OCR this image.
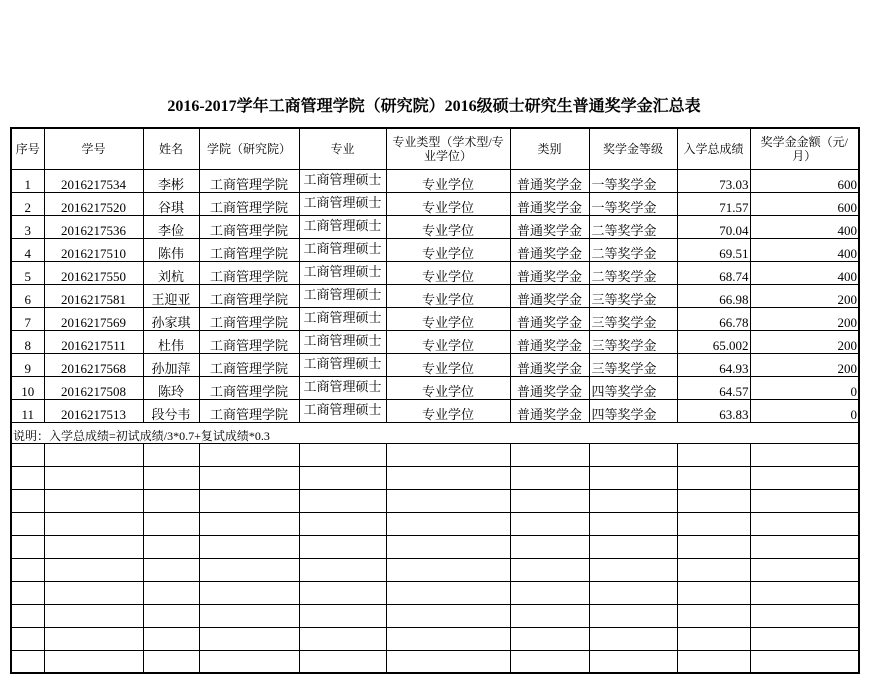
2016-2017学年工商管理学院（研究院）2016级硕士研究生普通奖学金汇总表
序号	学号	姓名	学院（研究院）	专业	专业类型（学术型/专业学位）	类别	奖学金等级	入学总成绩	奖学金金额（元/月）
1	2016217534	李彬	工商管理学院	工商管理硕士	专业学位	普通奖学金	一等奖学金	73.03	600
2	2016217520	谷琪	工商管理学院	工商管理硕士	专业学位	普通奖学金	一等奖学金	71.57	600
3	2016217536	李俭	工商管理学院	工商管理硕士	专业学位	普通奖学金	二等奖学金	70.04	400
4	2016217510	陈伟	工商管理学院	工商管理硕士	专业学位	普通奖学金	二等奖学金	69.51	400
5	2016217550	刘杭	工商管理学院	工商管理硕士	专业学位	普通奖学金	二等奖学金	68.74	400
6	2016217581	王迎亚	工商管理学院	工商管理硕士	专业学位	普通奖学金	三等奖学金	66.98	200
7	2016217569	孙家琪	工商管理学院	工商管理硕士	专业学位	普通奖学金	三等奖学金	66.78	200
8	2016217511	杜伟	工商管理学院	工商管理硕士	专业学位	普通奖学金	三等奖学金	65.002	200
9	2016217568	孙加萍	工商管理学院	工商管理硕士	专业学位	普通奖学金	三等奖学金	64.93	200
10	2016217508	陈玲	工商管理学院	工商管理硕士	专业学位	普通奖学金	四等奖学金	64.57	0
11	2016217513	段兮韦	工商管理学院	工商管理硕士	专业学位	普通奖学金	四等奖学金	63.83	0
说明：入学总成绩=初试成绩/3*0.7+复试成绩*0.3									
